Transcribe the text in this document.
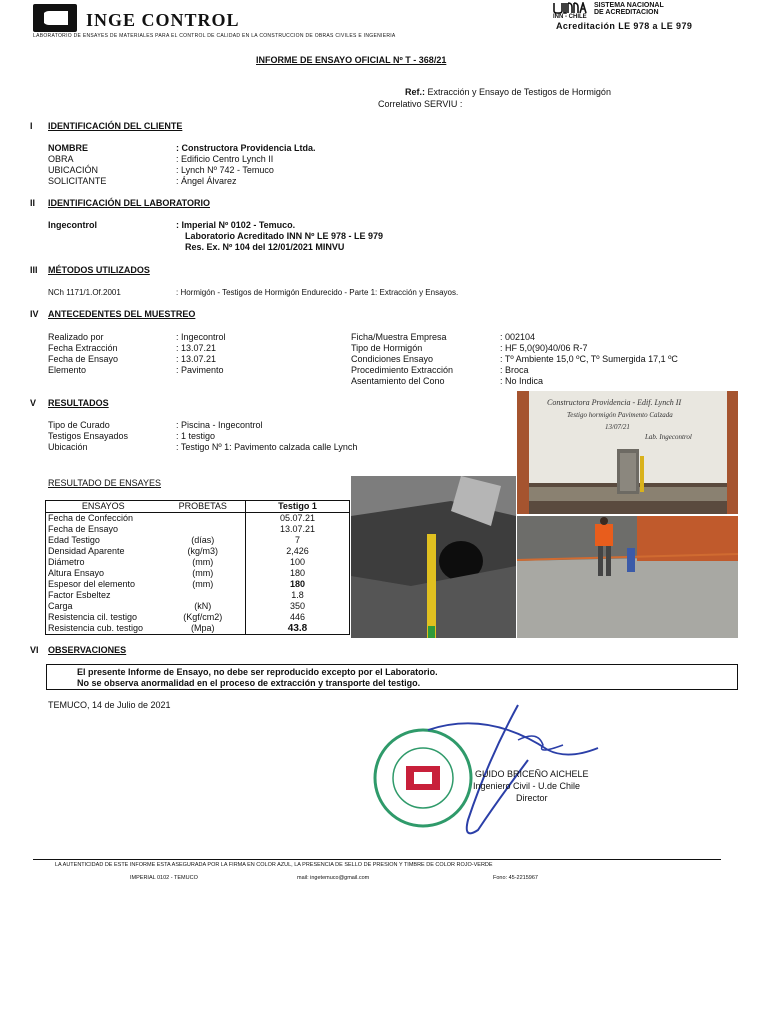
INGE CONTROL
LABORATORIO DE ENSAYES DE MATERIALES PARA EL CONTROL DE CALIDAD EN LA CONSTRUCCION DE OBRAS CIVILES E INGENIERIA
INN - CHILE
SISTEMA NACIONAL
DE ACREDITACION
Acreditación LE 978 a LE 979
INFORME DE ENSAYO OFICIAL Nº T - 368/21
Ref.: Extracción y Ensayo de Testigos de Hormigón
Correlativo SERVIU :
I IDENTIFICACIÓN DEL CLIENTE
NOMBRE	: Constructora Providencia Ltda.
OBRA	: Edificio Centro Lynch II
UBICACIÓN	: Lynch Nº 742 - Temuco
SOLICITANTE	: Ángel Álvarez
II IDENTIFICACIÓN DEL LABORATORIO
Ingecontrol	: Imperial Nº 0102 - Temuco.
Laboratorio Acreditado INN Nº LE 978 - LE 979
Res. Ex. Nº 104 del 12/01/2021 MINVU
III MÉTODOS UTILIZADOS
NCh 1171/1.Of.2001	: Hormigón - Testigos de Hormigón Endurecido - Parte 1: Extracción y Ensayos.
IV ANTECEDENTES DEL MUESTREO
Realizado por	: Ingecontrol
Fecha Extracción	: 13.07.21
Fecha de Ensayo	: 13.07.21
Elemento	: Pavimento
Ficha/Muestra Empresa	: 002104
Tipo de Hormigón	: HF 5,0(90)40/06 R-7
Condiciones Ensayo	: Tº Ambiente 15,0 ºC, Tº Sumergida 17,1 ºC
Procedimiento Extracción	: Broca
Asentamiento del Cono	: No Indica
V RESULTADOS
Tipo de Curado	: Piscina - Ingecontrol
Testigos Ensayados	: 1 testigo
Ubicación	: Testigo Nº 1: Pavimento calzada calle Lynch
RESULTADO DE ENSAYES
ENSAYOS	PROBETAS	Testigo 1
Fecha de Confección		05.07.21
Fecha de Ensayo		13.07.21
Edad Testigo	(días)	7
Densidad Aparente	(kg/m3)	2,426
Diámetro	(mm)	100
Altura Ensayo	(mm)	180
Espesor del elemento	(mm)	180
Factor Esbeltez		1.8
Carga	(kN)	350
Resistencia cil. testigo	(Kgf/cm2)	446
Resistencia cub. testigo	(Mpa)	43.8
Constructora Providencia - Edif. Lynch II
Testigo hormigón Pavimento Calzada
13/07/21
Lab. Ingecontrol
VI OBSERVACIONES
El presente Informe de Ensayo, no debe ser reproducido excepto por el Laboratorio.
No se observa anormalidad en el proceso de extracción y transporte del testigo.
TEMUCO, 14 de Julio de 2021
GUIDO BRICEÑO AICHELE
Ingeniero Civil - U.de Chile
Director
LA AUTENTICIDAD DE ESTE INFORME ESTA ASEGURADA POR LA FIRMA EN COLOR AZUL, LA PRESENCIA DE SELLO DE PRESION Y TIMBRE DE COLOR ROJO-VERDE
IMPERIAL 0102 - TEMUCO	mail: ingetemuco@gmail.com	Fono: 45-2215967
